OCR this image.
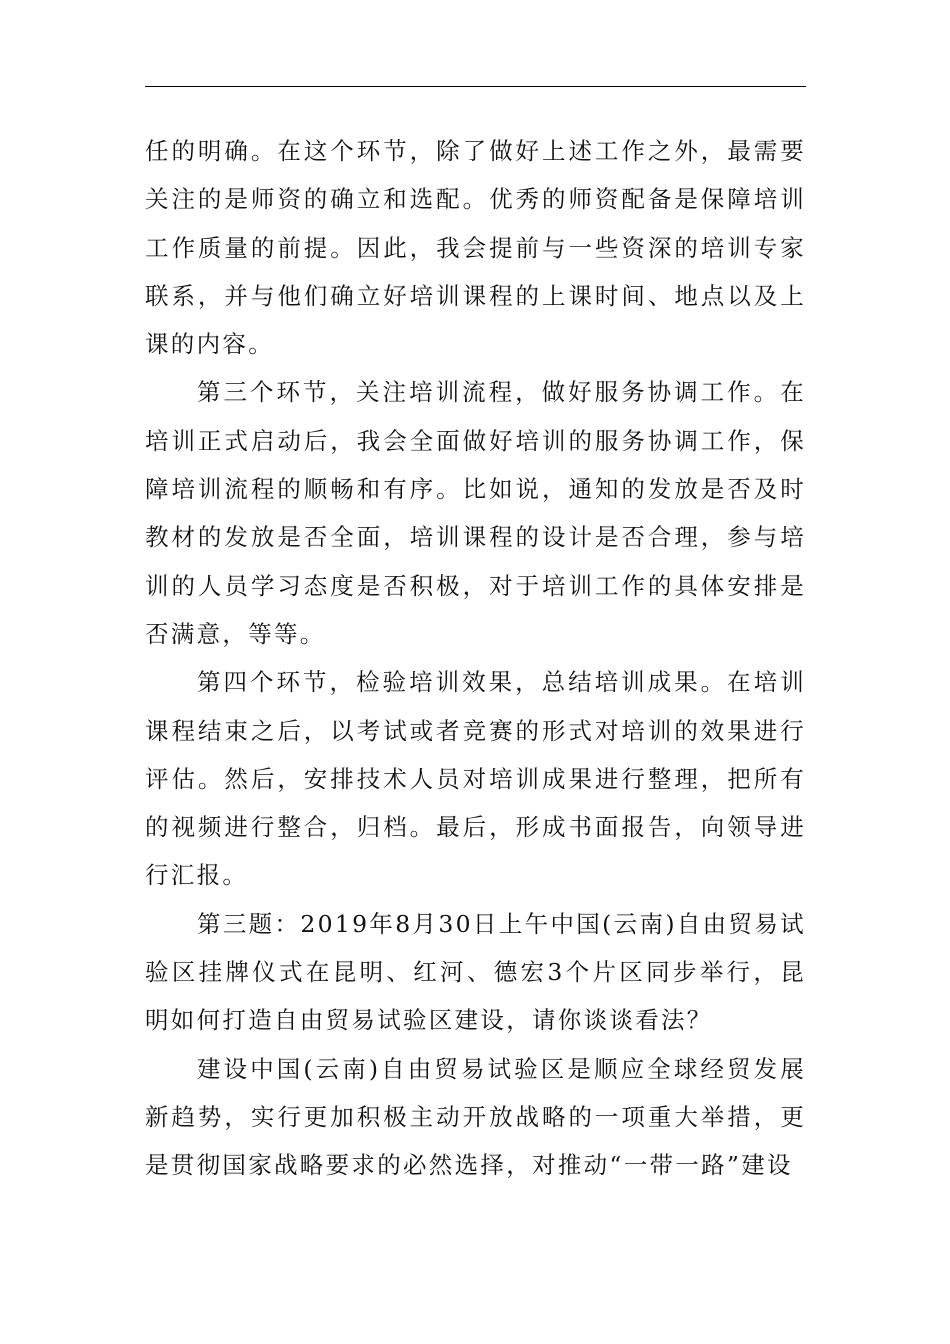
任的明确。在这个环节，除了做好上述工作之外，最需要关注的是师资的确立和选配。优秀的师资配备是保障培训工作质量的前提。因此，我会提前与一些资深的培训专家联系，并与他们确立好培训课程的上课时间、地点以及上课的内容。

第三个环节，关注培训流程，做好服务协调工作。在培训正式启动后，我会全面做好培训的服务协调工作，保障培训流程的顺畅和有序。比如说，通知的发放是否及时教材的发放是否全面，培训课程的设计是否合理，参与培训的人员学习态度是否积极，对于培训工作的具体安排是否满意，等等。

第四个环节，检验培训效果，总结培训成果。在培训课程结束之后，以考试或者竞赛的形式对培训的效果进行评估。然后，安排技术人员对培训成果进行整理，把所有的视频进行整合，归档。最后，形成书面报告，向领导进行汇报。

第三题：2019年8月30日上午中国(云南)自由贸易试验区挂牌仪式在昆明、红河、德宏3个片区同步举行，昆明如何打造自由贸易试验区建设，请你谈谈看法？

建设中国(云南)自由贸易试验区是顺应全球经贸发展新趋势，实行更加积极主动开放战略的一项重大举措，更是贯彻国家战略要求的必然选择，对推动“一带一路”建设
